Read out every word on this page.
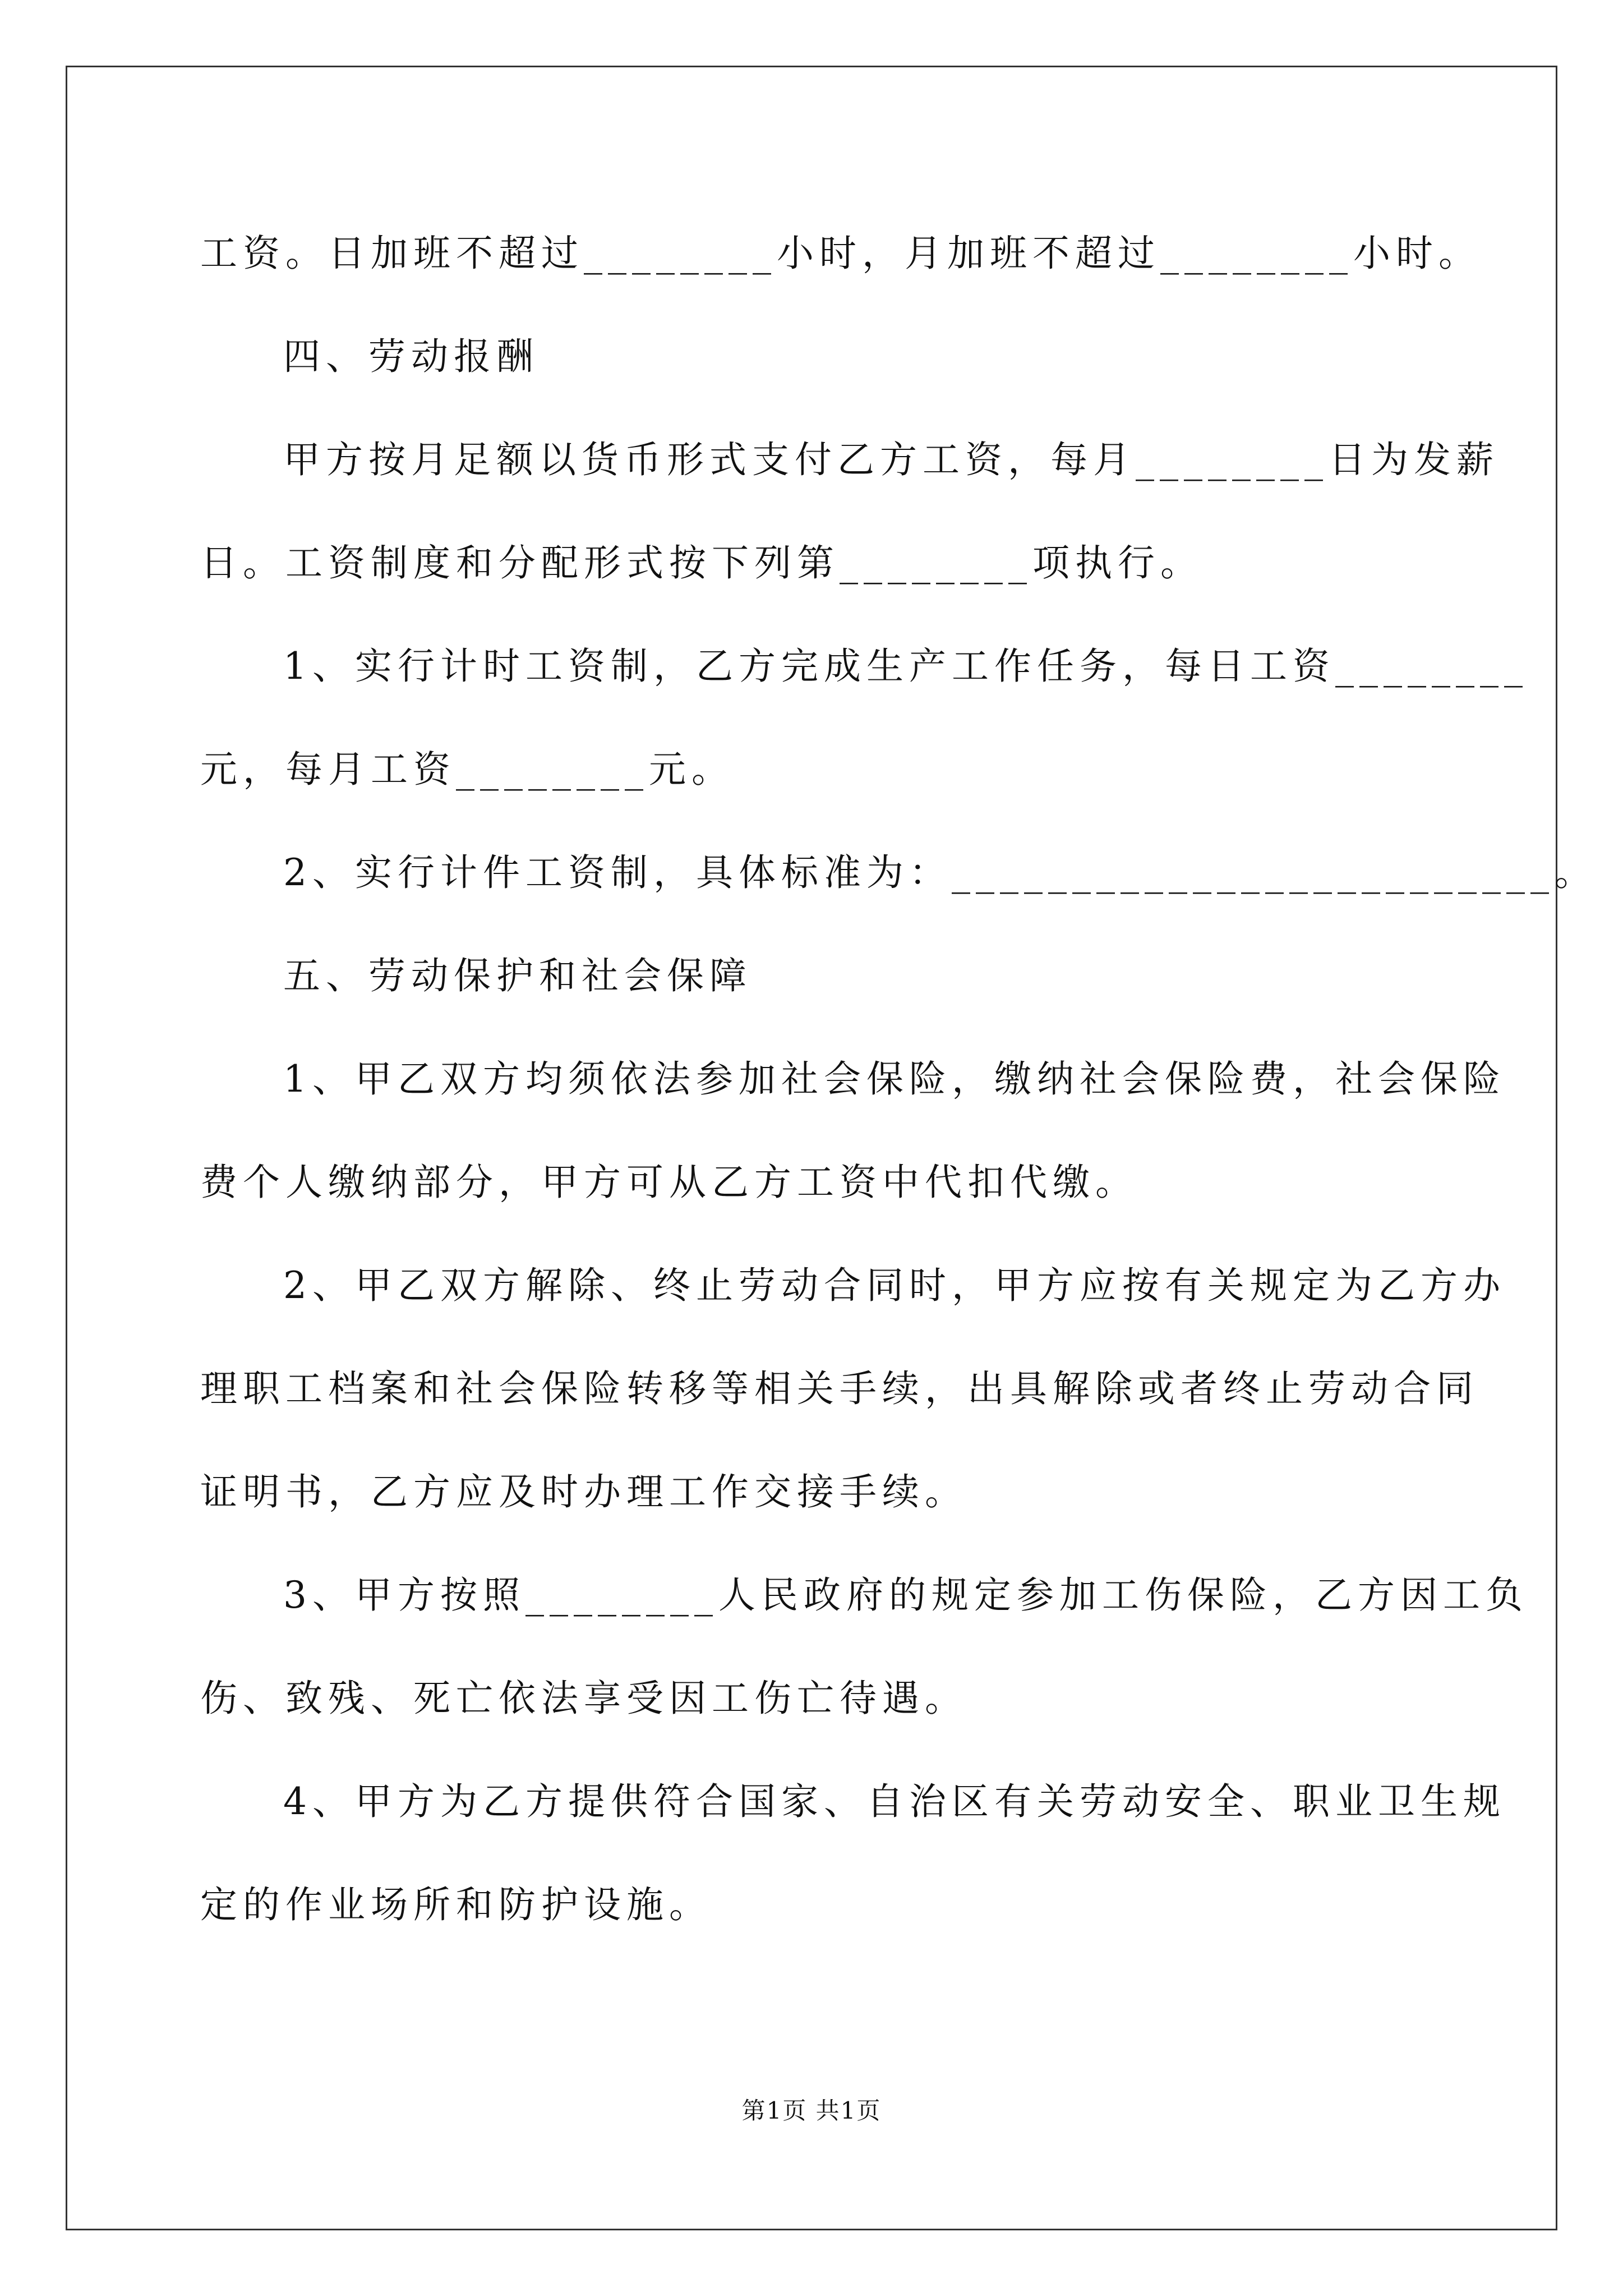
工资。日加班不超过________小时，月加班不超过________小时。
四、劳动报酬
甲方按月足额以货币形式支付乙方工资，每月________日为发薪
日。工资制度和分配形式按下列第________项执行。
1、实行计时工资制，乙方完成生产工作任务，每日工资________
元，每月工资________元。
2、实行计件工资制，具体标准为：_________________________。
五、劳动保护和社会保障
1、甲乙双方均须依法参加社会保险，缴纳社会保险费，社会保险
费个人缴纳部分，甲方可从乙方工资中代扣代缴。
2、甲乙双方解除、终止劳动合同时，甲方应按有关规定为乙方办
理职工档案和社会保险转移等相关手续，出具解除或者终止劳动合同
证明书，乙方应及时办理工作交接手续。
3、甲方按照________人民政府的规定参加工伤保险，乙方因工负
伤、致残、死亡依法享受因工伤亡待遇。
4、甲方为乙方提供符合国家、自治区有关劳动安全、职业卫生规
定的作业场所和防护设施。
第1页 共1页
